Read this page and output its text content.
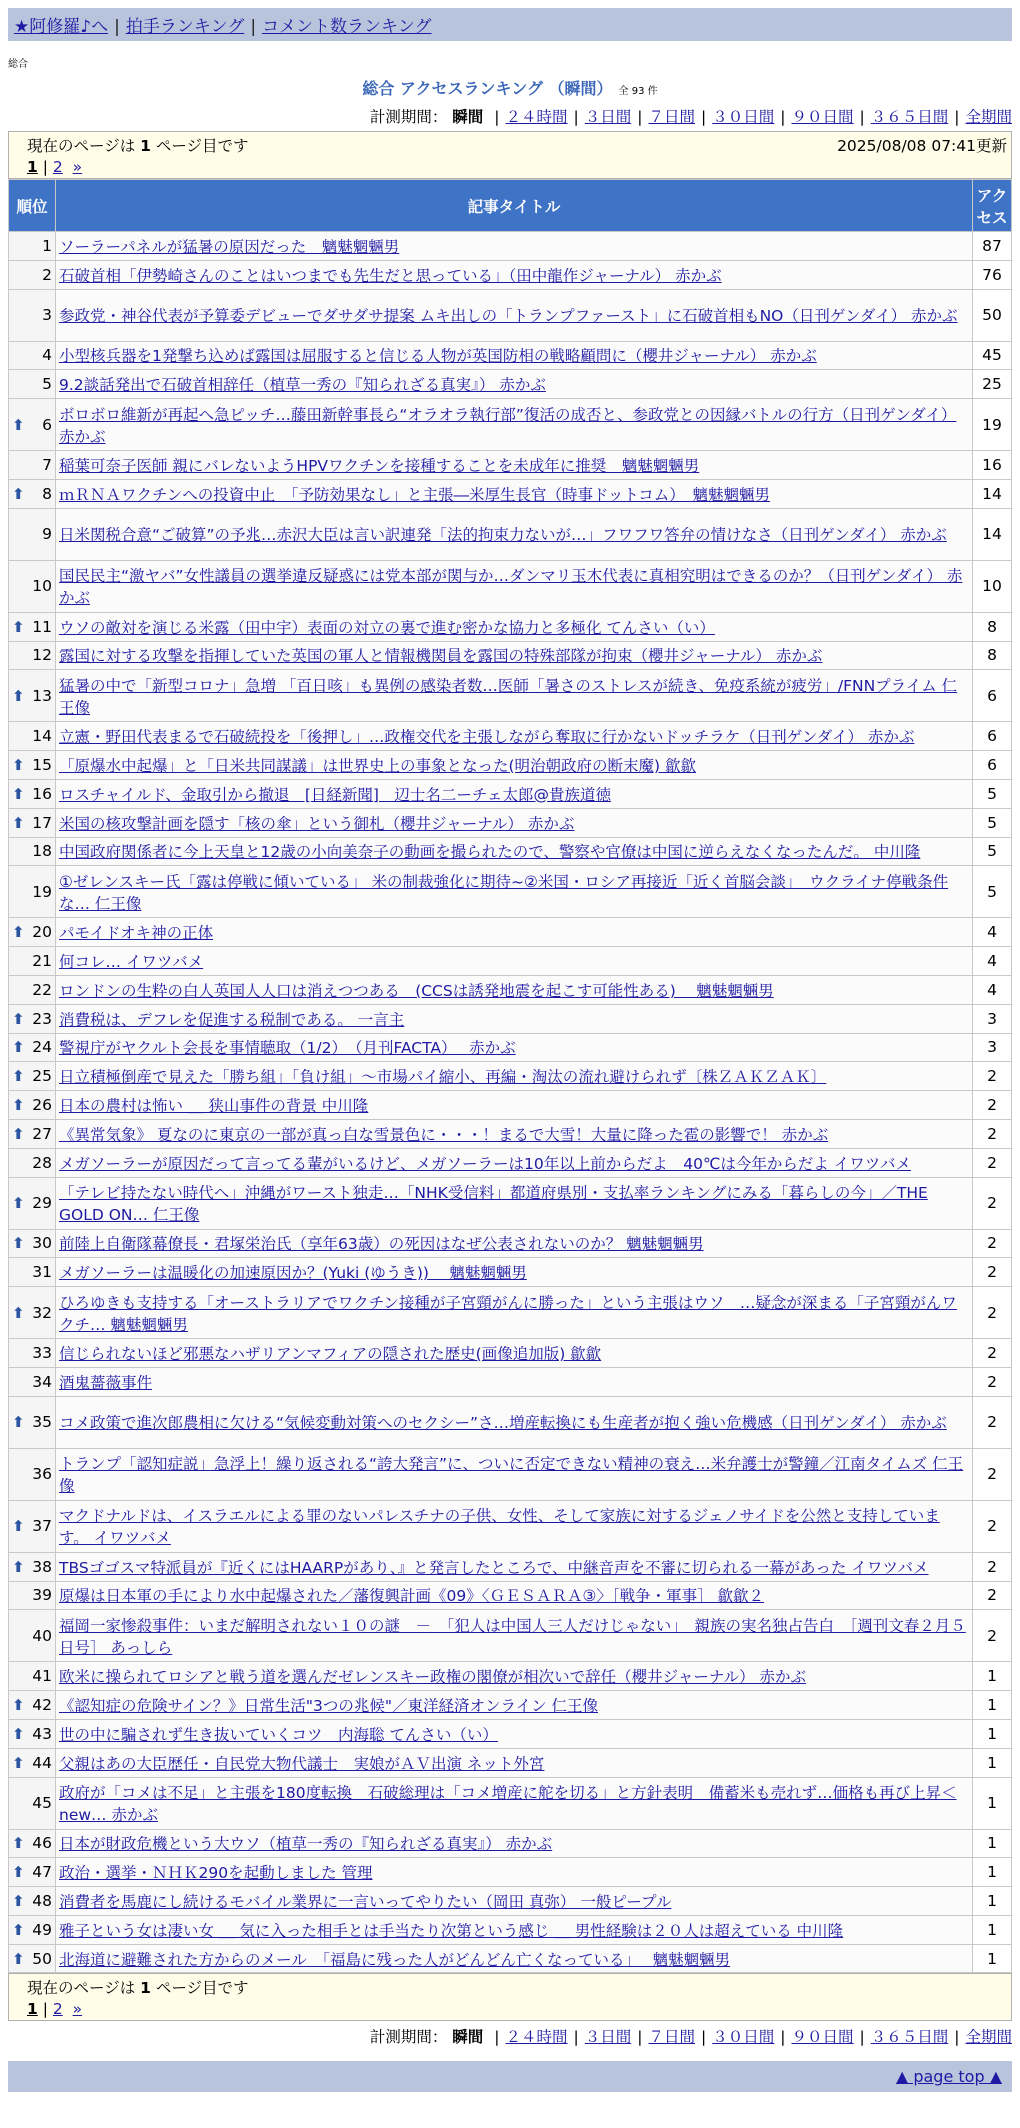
★阿修羅♪へ | 拍手ランキング | コメント数ランキング
総合
総合 アクセスランキング （瞬間） 全 93 件
計測期間： 瞬間 | ２４時間 | ３日間 | ７日間 | ３０日間 | ９０日間 | ３６５日間 | 全期間
現在のページは 1 ページ目です	2025/08/08 07:41更新
1 | 2 »
順位	記事タイトル	アクセス
1	ソーラーパネルが猛暑の原因だった　魑魅魍魎男	87
2	石破首相「伊勢崎さんのことはいつまでも先生だと思っている」（田中龍作ジャーナル） 赤かぶ	76
3	参政党・神谷代表が予算委デビューでダサダサ提案 ムキ出しの「トランプファースト」に石破首相もNO（日刊ゲンダイ） 赤かぶ	50
4	小型核兵器を1発撃ち込めば露国は屈服すると信じる人物が英国防相の戦略顧問に（櫻井ジャーナル） 赤かぶ	45
5	9.2談話発出で石破首相辞任（植草一秀の『知られざる真実』） 赤かぶ	25

⬆ 6	ボロボロ維新が再起へ急ピッチ…藤田新幹事長ら“オラオラ執行部”復活の成否と、参政党との因縁バトルの行方（日刊ゲンダイ） 赤かぶ	19
7	稲葉可奈子医師 親にバレないようHPVワクチンを接種することを未成年に推奨　魑魅魍魎男	16

⬆ 8	ｍＲＮＡワクチンへの投資中止　「予防効果なし」と主張―米厚生長官（時事ドットコム）　魑魅魍魎男	14
9	日米関税合意“ご破算”の予兆…赤沢大臣は言い訳連発「法的拘束力ないが…」フワフワ答弁の情けなさ（日刊ゲンダイ） 赤かぶ	14
10	国民民主“激ヤバ”女性議員の選挙違反疑惑には党本部が関与か…ダンマリ玉木代表に真相究明はできるのか？（日刊ゲンダイ） 赤かぶ	10

⬆ 11	ウソの敵対を演じる米露（田中宇）表面の対立の裏で進む密かな協力と多極化 てんさい（い）	8
12	露国に対する攻撃を指揮していた英国の軍人と情報機関員を露国の特殊部隊が拘束（櫻井ジャーナル） 赤かぶ	8

⬆ 13	猛暑の中で「新型コロナ」急増 「百日咳」も異例の感染者数…医師「暑さのストレスが続き、免疫系統が疲労」/FNNプライム 仁王像	6
14	立憲・野田代表まるで石破続投を「後押し」…政権交代を主張しながら奪取に行かないドッチラケ（日刊ゲンダイ） 赤かぶ	6

⬆ 15	「原爆水中起爆」と「日米共同謀議」は世界史上の事象となった(明治朝政府の断末魔) 歙歙	6

⬆ 16	ロスチャイルド、金取引から撤退　[日経新聞]　辺士名二ーチェ太郎@貴族道徳	5

⬆ 17	米国の核攻撃計画を隠す「核の傘」という御札（櫻井ジャーナル） 赤かぶ	5
18	中国政府関係者に今上天皇と12歳の小向美奈子の動画を撮られたので、警察や官僚は中国に逆らえなくなったんだ。 中川隆	5
19	①ゼレンスキー氏「露は停戦に傾いている」 米の制裁強化に期待~②米国・ロシア再接近「近く首脳会談」　ウクライナ停戦条件な… 仁王像	5

⬆ 20	パモイドオキ神の正体	4
21	何コレ… イワツバメ	4
22	ロンドンの生粋の白人英国人人口は消えつつある　(CCSは誘発地震を起こす可能性ある)　 魑魅魍魎男	4

⬆ 23	消費税は、デフレを促進する税制である。 一言主	3

⬆ 24	警視庁がヤクルト会長を事情聴取（1/2）　（月刊FACTA）　 赤かぶ	3

⬆ 25	日立積極倒産で見えた「勝ち組」「負け組」～市場パイ縮小、再編・淘汰の流れ避けられず〔株ＺＡＫＺＡＫ〕	2

⬆ 26	日本の農村は怖い ＿ 狭山事件の背景 中川隆	2

⬆ 27	《異常気象》 夏なのに東京の一部が真っ白な雪景色に・・・！まるで大雪！大量に降った雹の影響で！ 赤かぶ	2
28	メガソーラーが原因だって言ってる輩がいるけど、メガソーラーは10年以上前からだよ　40℃は今年からだよ イワツバメ	2

⬆ 29	「テレビ持たない時代へ」沖縄がワースト独走…「NHK受信料」都道府県別・支払率ランキングにみる「暮らしの今」／THE GOLD ON… 仁王像	2

⬆ 30	前陸上自衛隊幕僚長・君塚栄治氏（享年63歳）の死因はなぜ公表されないのか？ 魑魅魍魎男	2
31	メガソーラーは温暖化の加速原因か？(Yuki (ゆうき))　 魑魅魍魎男	2

⬆ 32	ひろゆきも支持する「オーストラリアでワクチン接種が子宮頸がんに勝った」という主張はウソ　…疑念が深まる「子宮頸がんワクチ… 魑魅魍魎男	2
33	信じられないほど邪悪なハザリアンマフィアの隠された歴史(画像追加版) 歙歙	2
34	酒鬼薔薇事件	2

⬆ 35	コメ政策で進次郎農相に欠ける“気候変動対策へのセクシー”さ…増産転換にも生産者が抱く強い危機感（日刊ゲンダイ） 赤かぶ	2
36	トランプ「認知症説」急浮上！繰り返される“誇大発言”に、ついに否定できない精神の衰え…米弁護士が警鐘／江南タイムズ 仁王像	2

⬆ 37	マクドナルドは、イスラエルによる罪のないパレスチナの子供、女性、そして家族に対するジェノサイドを公然と支持しています。 イワツバメ	2

⬆ 38	TBSゴゴスマ特派員が『近くにはHAARPがあり、』と発言したところで、中継音声を不審に切られる一幕があった イワツバメ	2
39	原爆は日本軍の手により水中起爆された／藩復興計画《09》〈ＧＥＳＡＲＡ③〉［戦争・軍事］ 歙歙２	2
40	福岡一家惨殺事件：いまだ解明されない１０の謎　－　「犯人は中国人三人だけじゃない」　親族の実名独占告白　［週刊文春２月５日号］ あっしら	2
41	欧米に操られてロシアと戦う道を選んだゼレンスキー政権の閣僚が相次いで辞任（櫻井ジャーナル） 赤かぶ	1

⬆ 42	《認知症の危険サイン？》日常生活"3つの兆候"／東洋経済オンライン 仁王像	1

⬆ 43	世の中に騙されず生き抜いていくコツ　内海聡 てんさい（い）	1

⬆ 44	父親はあの大臣歴任・自民党大物代議士　実娘がＡＶ出演 ネット外宮	1
45	政府が「コメは不足」と主張を180度転換　石破総理は「コメ増産に舵を切る」と方針表明　備蓄米も売れず…価格も再び上昇＜new… 赤かぶ	1

⬆ 46	日本が財政危機という大ウソ（植草一秀の『知られざる真実』） 赤かぶ	1

⬆ 47	政治・選挙・ＮＨＫ290を起動しました 管理	1

⬆ 48	消費者を馬鹿にし続けるモバイル業界に一言いってやりたい（岡田 真弥） 一般ピープル	1

⬆ 49	雅子という女は凄い女 ＿ 気に入った相手とは手当たり次第という感じ ＿ 男性経験は２０人は超えている 中川隆	1

⬆ 50	北海道に避難された方からのメール　「福島に残った人がどんどん亡くなっている」　 魑魅魍魎男	1
現在のページは 1 ページ目です
1 | 2 »
計測期間： 瞬間 | ２４時間 | ３日間 | ７日間 | ３０日間 | ９０日間 | ３６５日間 | 全期間
▲ page top ▲
